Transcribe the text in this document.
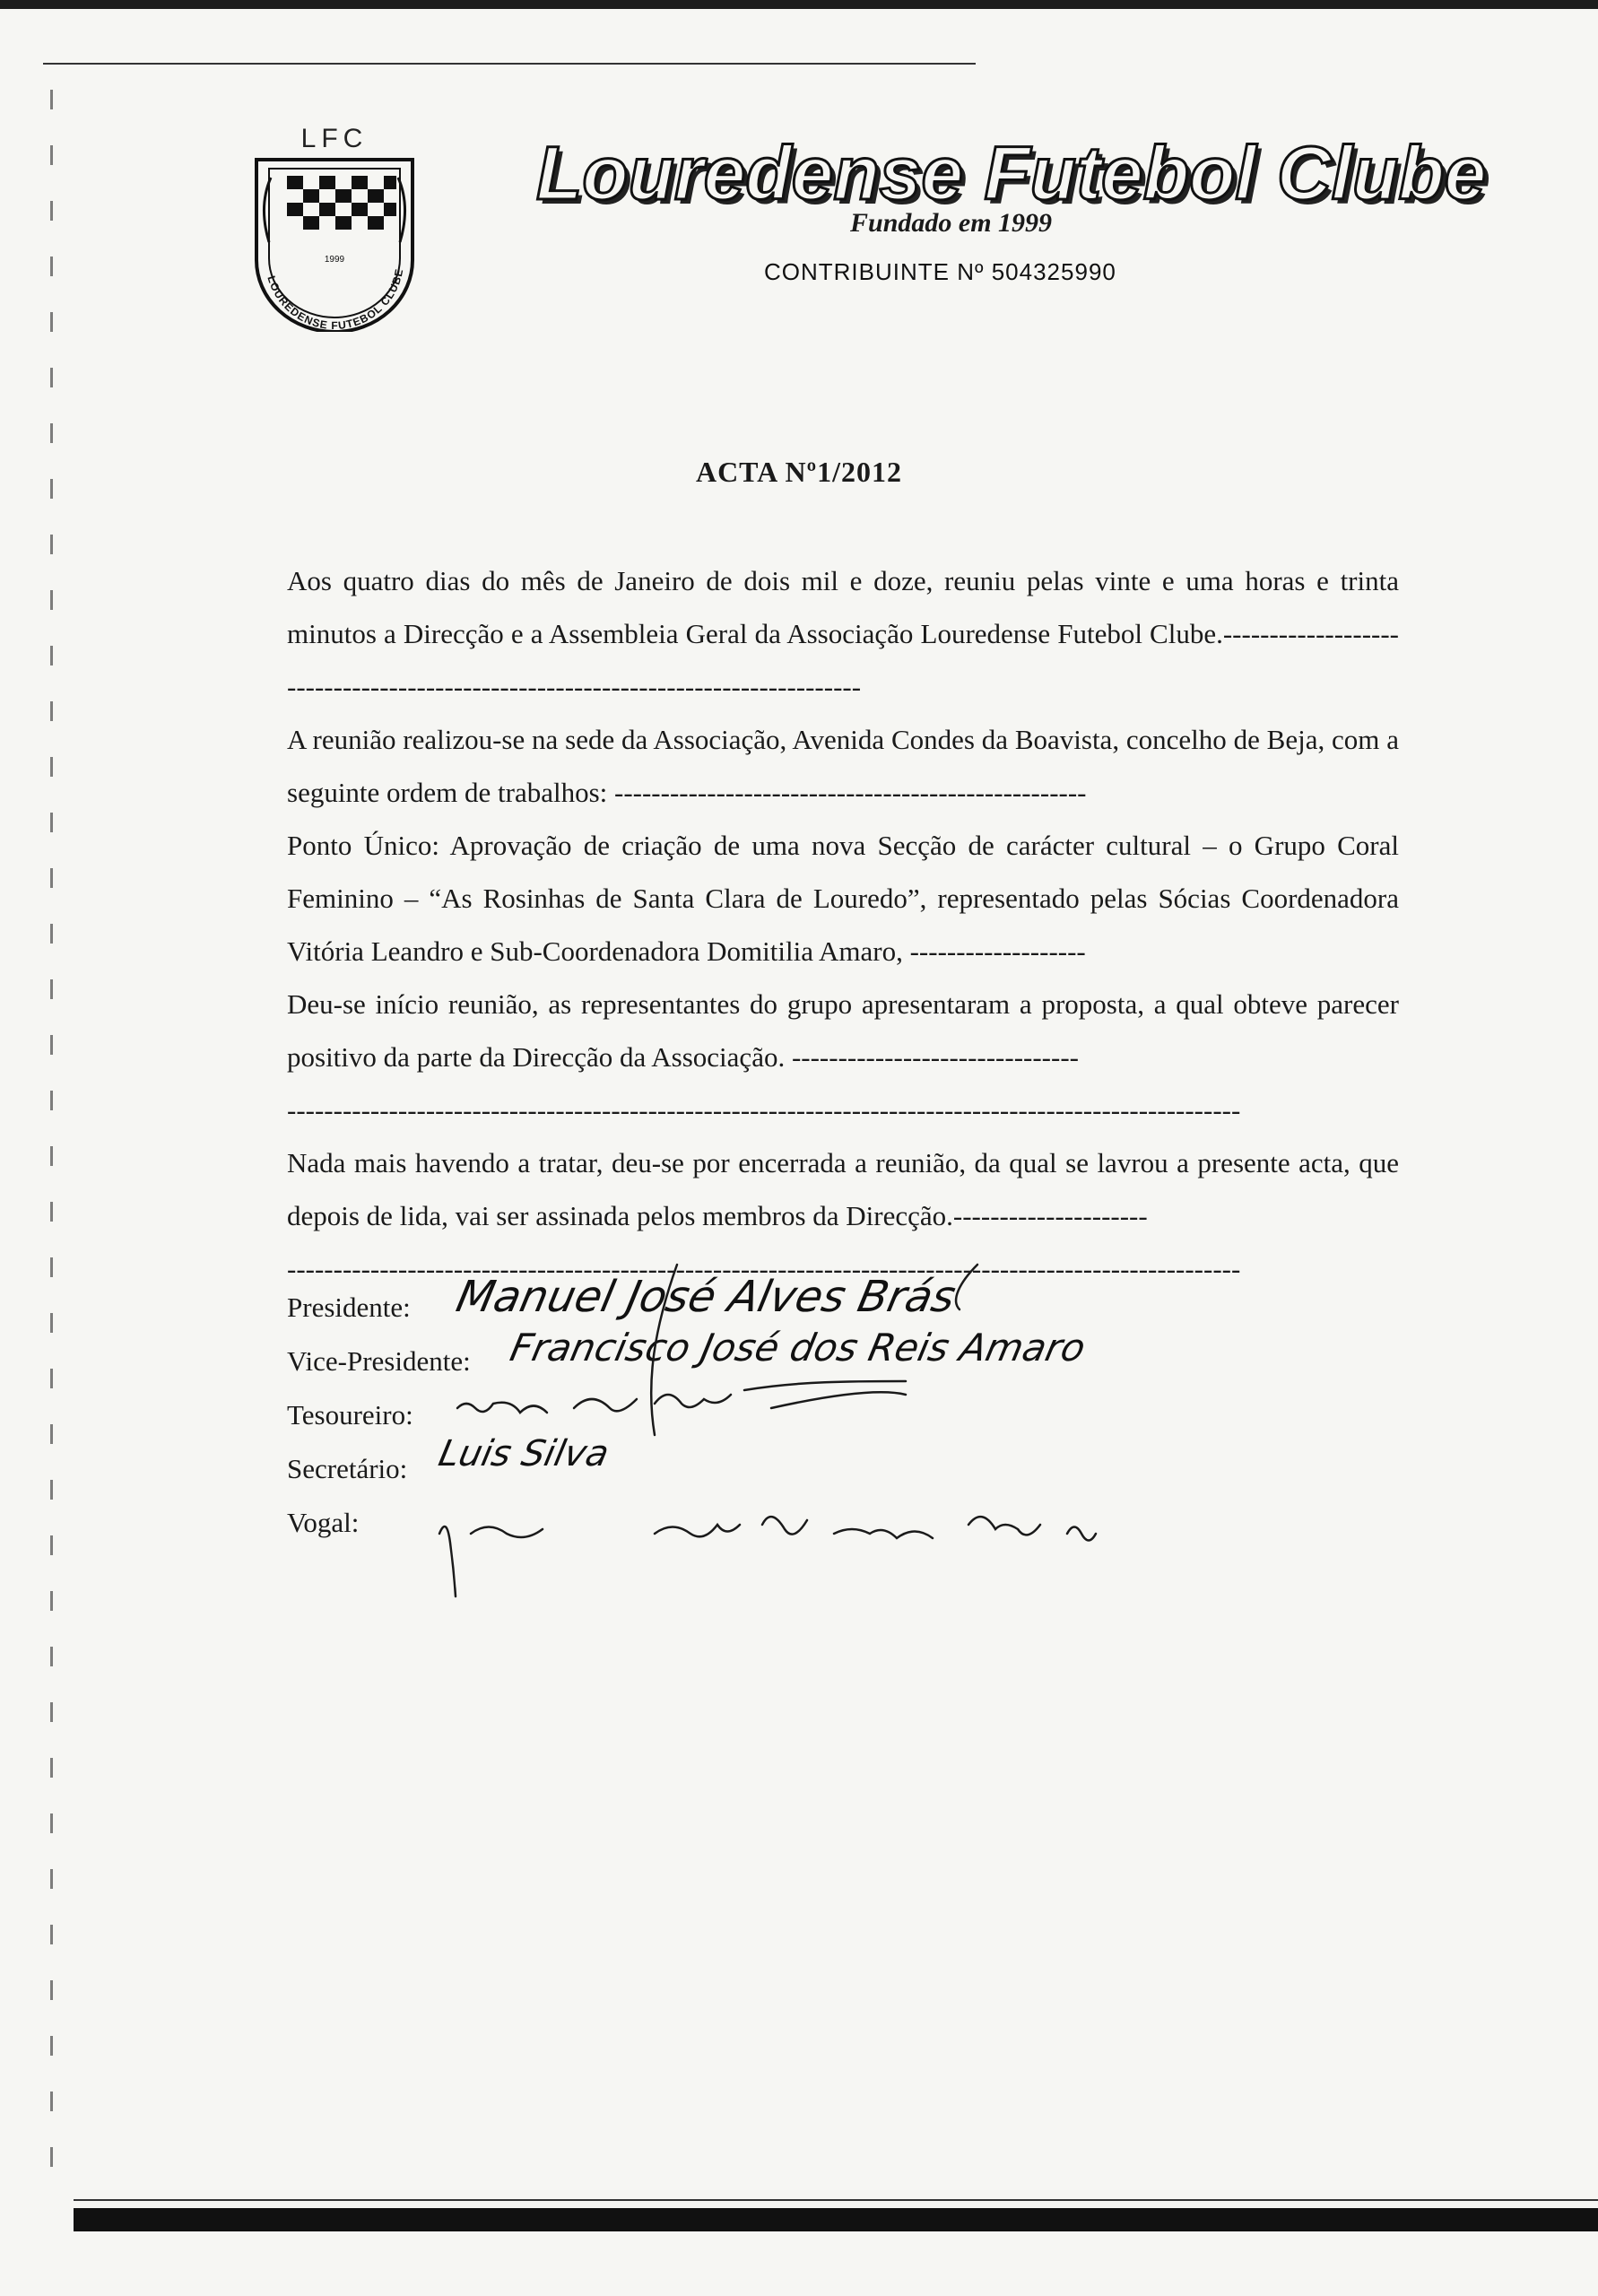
LFC
1999
LOUREDENSE FUTEBOL CLUBE
Louredense Futebol Clube
Fundado em 1999
CONTRIBUINTE Nº 504325990
ACTA Nº1/2012

Aos quatro dias do mês de Janeiro de dois mil e doze, reuniu pelas vinte e uma horas e trinta minutos a Direcção e a Assembleia Geral da Associação Louredense Futebol Clube.---------------------------------------------------------------------------------

A reunião realizou-se na sede da Associação, Avenida Condes da Boavista, concelho de Beja, com a seguinte ordem de trabalhos: ---------------------------------------------------

Ponto Único: Aprovação de criação de uma nova Secção de carácter cultural – o Grupo Coral Feminino – “As Rosinhas de Santa Clara de Louredo”, representado pelas Sócias Coordenadora Vitória Leandro e Sub-Coordenadora Domitilia Amaro, -------------------

Deu-se início reunião, as representantes do grupo apresentaram a proposta, a qual obteve parecer positivo da parte da Direcção da Associação. -------------------------------

-------------------------------------------------------------------------------------------------------

Nada mais havendo a tratar, deu-se por encerrada a reunião, da qual se lavrou a presente acta, que depois de lida, vai ser assinada pelos membros da Direcção.---------------------

-------------------------------------------------------------------------------------------------------

Presidente: Manuel José Alves Brás
Vice-Presidente: Francisco José dos Reis Amaro
Tesoureiro:
Secretário: Luis Silva
Vogal:
